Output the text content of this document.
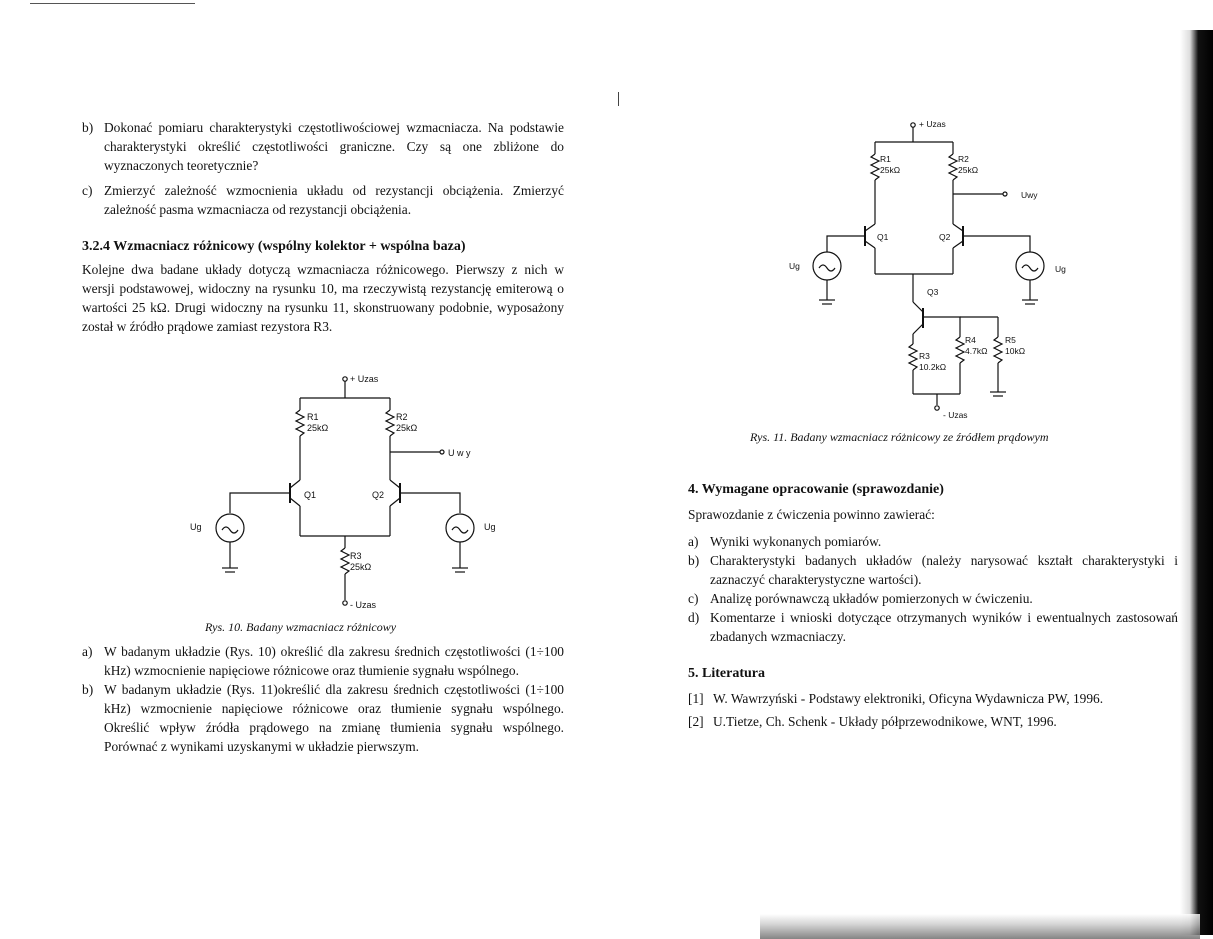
b) Dokonać pomiaru charakterystyki częstotliwościowej wzmacniacza. Na podstawie charakterystyki określić częstotliwości graniczne. Czy są one zbliżone do wyznaczonych teoretycznie?
c) Zmierzyć zależność wzmocnienia układu od rezystancji obciążenia. Zmierzyć zależność pasma wzmacniacza od rezystancji obciążenia.
3.2.4 Wzmacniacz różnicowy (wspólny kolektor + wspólna baza)

Kolejne dwa badane układy dotyczą wzmacniacza różnicowego. Pierwszy z nich w wersji podstawowej, widoczny na rysunku 10, ma rzeczywistą rezystancję emiterową o wartości 25 kΩ. Drugi widoczny na rysunku 11, skonstruowany podobnie, wyposażony został w źródło prądowe zamiast rezystora R3.

+ Uzas
R1
25kΩ
R2
25kΩ
U w y
Q1	Q2
R3
25kΩ
- Uzas
Ug	Ug
Rys. 10. Badany wzmacniacz różnicowy
a) W badanym układzie (Rys. 10) określić dla zakresu średnich częstotliwości (1÷100 kHz) wzmocnienie napięciowe różnicowe oraz tłumienie sygnału wspólnego.
b) W badanym układzie (Rys. 11)określić dla zakresu średnich częstotliwości (1÷100 kHz) wzmocnienie napięciowe różnicowe oraz tłumienie sygnału wspólnego. Określić wpływ źródła prądowego na zmianę tłumienia sygnału wspólnego. Porównać z wynikami uzyskanymi w układzie pierwszym.
+ Uzas
R1
25kΩ
R2
25kΩ
Uwy
Q1	Q2
Q3
R3
10.2kΩ
R4
4.7kΩ
R5
10kΩ
- Uzas
Ug	Ug
Rys. 11. Badany wzmacniacz różnicowy ze źródłem prądowym
4. Wymagane opracowanie (sprawozdanie)

Sprawozdanie z ćwiczenia powinno zawierać:

a) Wyniki wykonanych pomiarów.
b) Charakterystyki badanych układów (należy narysować kształt charakterystyki i zaznaczyć charakterystyczne wartości).
c) Analizę porównawczą układów pomierzonych w ćwiczeniu.
d) Komentarze i wnioski dotyczące otrzymanych wyników i ewentualnych zastosowań zbadanych wzmacniaczy.
5. Literatura
[1] W. Wawrzyński - Podstawy elektroniki, Oficyna Wydawnicza PW, 1996.
[2] U.Tietze, Ch. Schenk - Układy półprzewodnikowe, WNT, 1996.
